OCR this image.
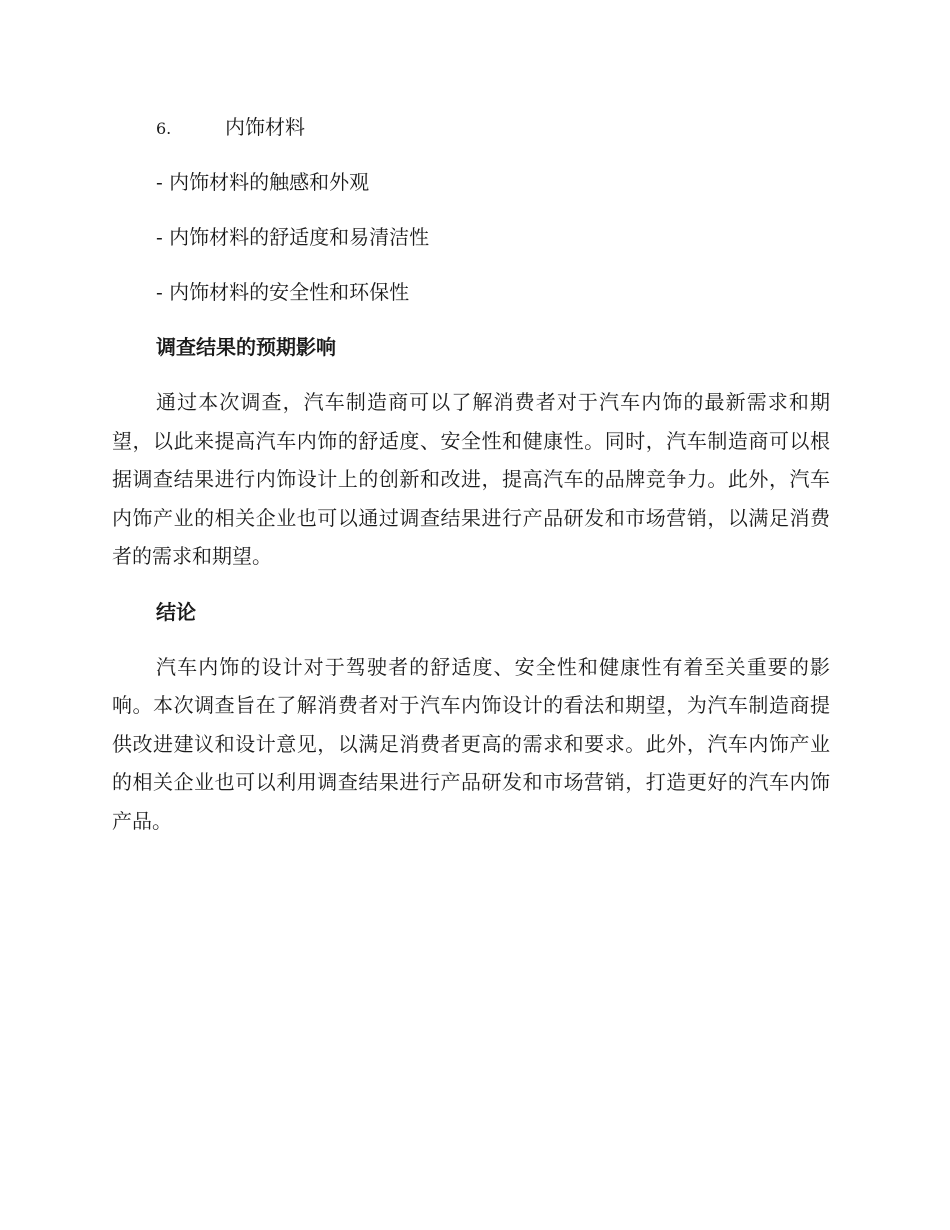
6.	内饰材料
- 内饰材料的触感和外观
- 内饰材料的舒适度和易清洁性
- 内饰材料的安全性和环保性
调查结果的预期影响

通过本次调查，汽车制造商可以了解消费者对于汽车内饰的最新需求和期望，以此来提高汽车内饰的舒适度、安全性和健康性。同时，汽车制造商可以根据调查结果进行内饰设计上的创新和改进，提高汽车的品牌竞争力。此外，汽车内饰产业的相关企业也可以通过调查结果进行产品研发和市场营销，以满足消费者的需求和期望。

结论

汽车内饰的设计对于驾驶者的舒适度、安全性和健康性有着至关重要的影响。本次调查旨在了解消费者对于汽车内饰设计的看法和期望，为汽车制造商提供改进建议和设计意见，以满足消费者更高的需求和要求。此外，汽车内饰产业的相关企业也可以利用调查结果进行产品研发和市场营销，打造更好的汽车内饰产品。
